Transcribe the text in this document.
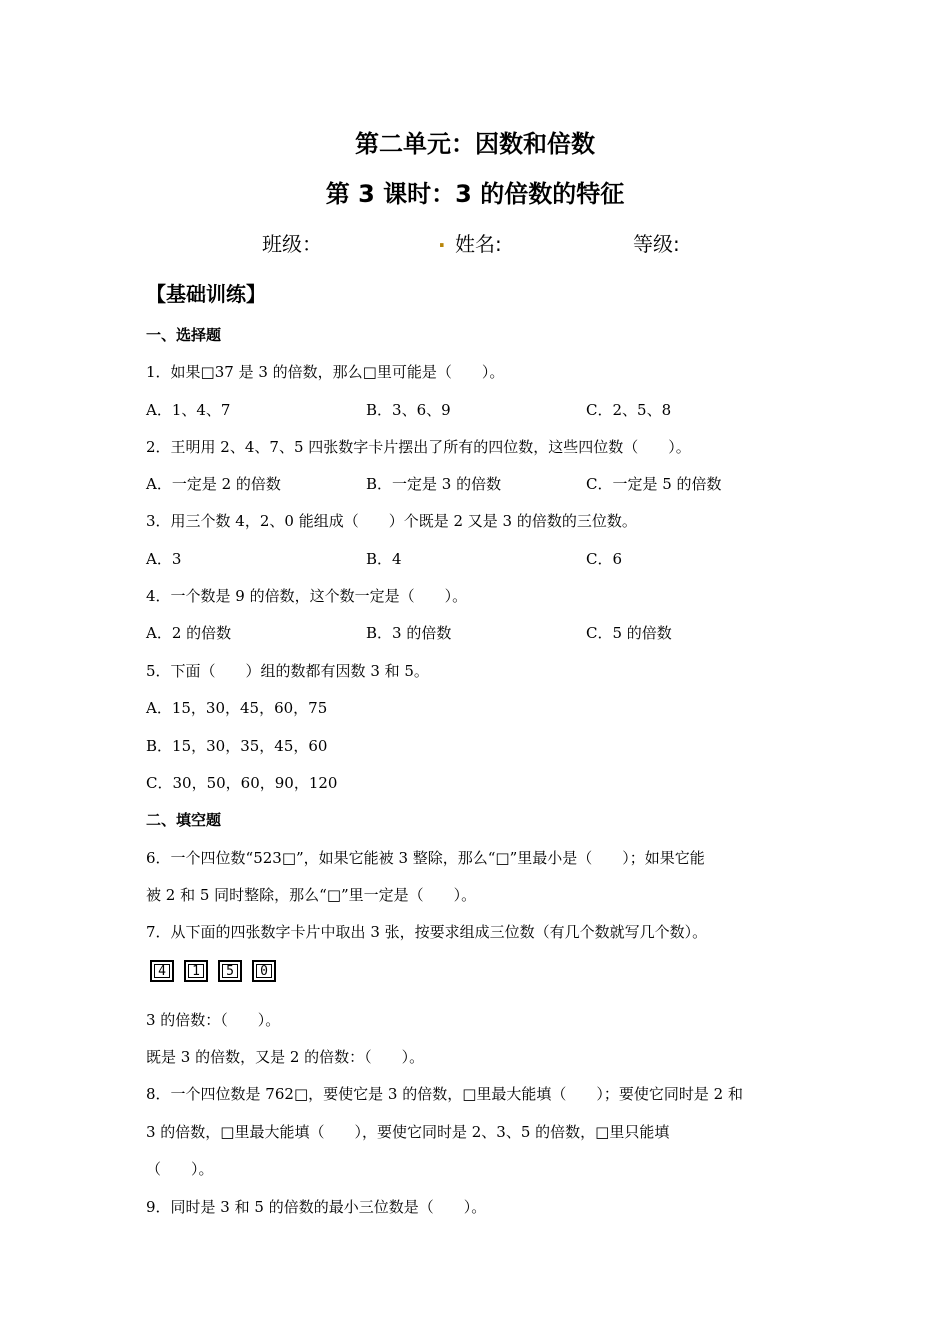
第二单元：因数和倍数
第 3 课时：3 的倍数的特征
班级：	. 姓名:	等级:
【基础训练】
一、选择题
1．如果□37 是 3 的倍数，那么□里可能是（　　）。
A．1、4、7	B．3、6、9	C．2、5、8
2．王明用 2、4、7、5 四张数字卡片摆出了所有的四位数，这些四位数（　　）。
A．一定是 2 的倍数	B．一定是 3 的倍数	C．一定是 5 的倍数
3．用三个数 4，2、0 能组成（　　）个既是 2 又是 3 的倍数的三位数。
A．3	B．4	C．6
4．一个数是 9 的倍数，这个数一定是（　　）。
A．2 的倍数	B．3 的倍数	C．5 的倍数
5．下面（　　）组的数都有因数 3 和 5。
A．15，30，45，60，75
B．15，30，35，45，60
C．30，50，60，90，120
二、填空题
6．一个四位数“523□”，如果它能被 3 整除，那么“□”里最小是（　　）；如果它能
被 2 和 5 同时整除，那么“□”里一定是（　　）。
7．从下面的四张数字卡片中取出 3 张，按要求组成三位数（有几个数就写几个数）。
4 1 5 0
3 的倍数：（　　）。
既是 3 的倍数，又是 2 的倍数：（　　）。
8．一个四位数是 762□，要使它是 3 的倍数，□里最大能填（　　）；要使它同时是 2 和
3 的倍数，□里最大能填（　　），要使它同时是 2、3、5 的倍数，□里只能填
（　　）。
9．同时是 3 和 5 的倍数的最小三位数是（　　）。
